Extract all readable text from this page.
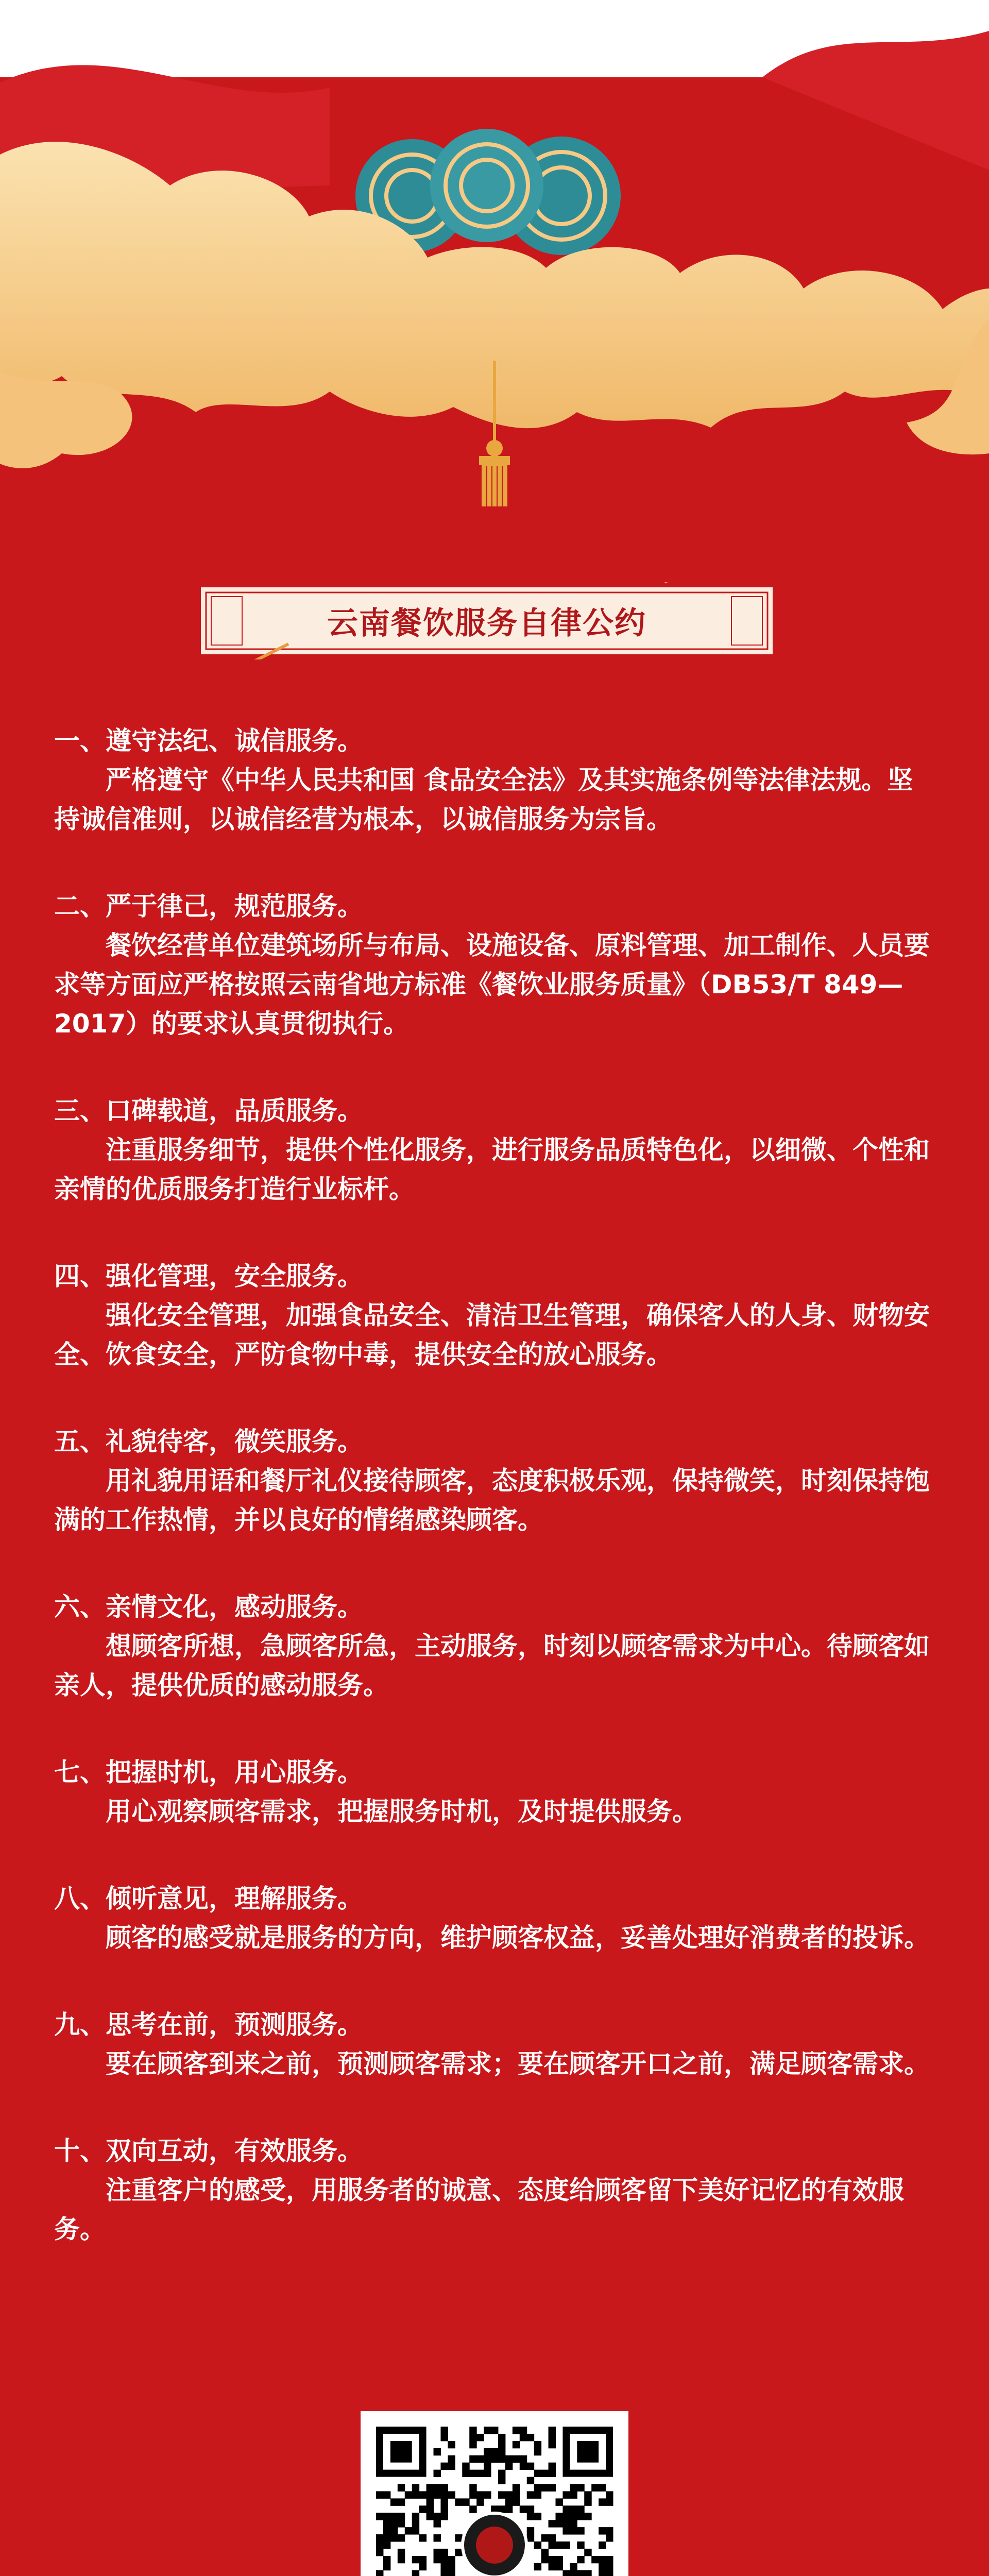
云南餐饮服务自律公约

一、遵守法纪、诚信服务。

严格遵守《中华人民共和国 食品安全法》及其实施条例等法律法规。坚持诚信准则，以诚信经营为根本，以诚信服务为宗旨。

二、严于律己，规范服务。

餐饮经营单位建筑场所与布局、设施设备、原料管理、加工制作、人员要求等方面应严格按照云南省地方标准《餐饮业服务质量》（DB53/T 849—2017）的要求认真贯彻执行。

三、口碑载道，品质服务。

注重服务细节，提供个性化服务，进行服务品质特色化，以细微、个性和亲情的优质服务打造行业标杆。

四、强化管理，安全服务。

强化安全管理，加强食品安全、清洁卫生管理，确保客人的人身、财物安全、饮食安全，严防食物中毒，提供安全的放心服务。

五、礼貌待客，微笑服务。

用礼貌用语和餐厅礼仪接待顾客，态度积极乐观，保持微笑，时刻保持饱满的工作热情，并以良好的情绪感染顾客。

六、亲情文化，感动服务。

想顾客所想，急顾客所急，主动服务，时刻以顾客需求为中心。待顾客如亲人，提供优质的感动服务。

七、把握时机，用心服务。

用心观察顾客需求，把握服务时机，及时提供服务。

八、倾听意见，理解服务。

顾客的感受就是服务的方向，维护顾客权益，妥善处理好消费者的投诉。

九、思考在前，预测服务。

要在顾客到来之前，预测顾客需求；要在顾客开口之前，满足顾客需求。

十、双向互动，有效服务。

注重客户的感受，用服务者的诚意、态度给顾客留下美好记忆的有效服务。
